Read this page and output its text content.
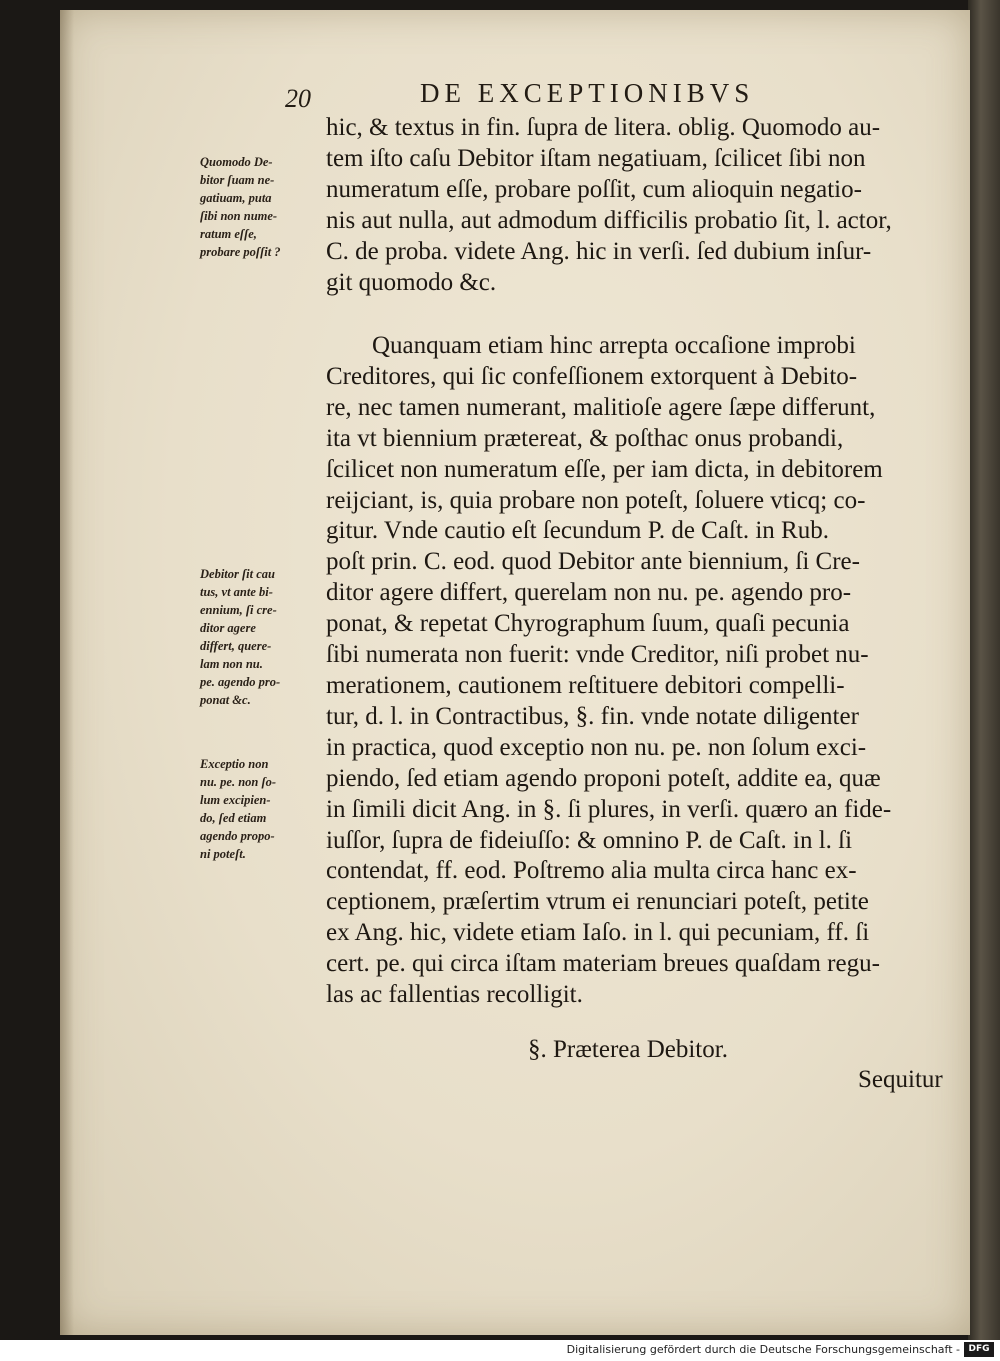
20	DE EXCEPTIONIBVS
Quomodo De-
bitor ſuam ne-
gatiuam, puta
ſibi non nume-
ratum eſſe,
probare poſſit ?
Debitor ſit cau
tus, vt ante bi-
ennium, ſi cre-
ditor agere
differt, quere-
lam non nu.
pe. agendo pro-
ponat &c.
Exceptio non
nu. pe. non ſo-
lum excipien-
do, ſed etiam
agendo propo-
ni poteſt.
hic, & textus in fin. ſupra de litera. oblig. Quomodo au-
tem iſto caſu Debitor iſtam negatiuam, ſcilicet ſibi non
numeratum eſſe, probare poſſit, cum alioquin negatio-
nis aut nulla, aut admodum difficilis probatio ſit, l. actor,
C. de proba. videte Ang. hic in verſi. ſed dubium inſur-
git quomodo &c.
Quanquam etiam hinc arrepta occaſione improbi
Creditores, qui ſic confeſſionem extorquent à Debito-
re, nec tamen numerant, malitioſe agere ſæpe differunt,
ita vt biennium prætereat, & poſthac onus probandi,
ſcilicet non numeratum eſſe, per iam dicta, in debitorem
reijciant, is, quia probare non poteſt, ſoluere vticq; co-
gitur. Vnde cautio eſt ſecundum P. de Caſt. in Rub.
poſt prin. C. eod. quod Debitor ante biennium, ſi Cre-
ditor agere differt, querelam non nu. pe. agendo pro-
ponat, & repetat Chyrographum ſuum, quaſi pecunia
ſibi numerata non fuerit: vnde Creditor, niſi probet nu-
merationem, cautionem reſtituere debitori compelli-
tur, d. l. in Contractibus, §. fin. vnde notate diligenter
in practica, quod exceptio non nu. pe. non ſolum exci-
piendo, ſed etiam agendo proponi poteſt, addite ea, quæ
in ſimili dicit Ang. in §. ſi plures, in verſi. quæro an fide-
iuſſor, ſupra de fideiuſſo: & omnino P. de Caſt. in l. ſi
contendat, ff. eod. Poſtremo alia multa circa hanc ex-
ceptionem, præſertim vtrum ei renunciari poteſt, petite
ex Ang. hic, videte etiam Iaſo. in l. qui pecuniam, ff. ſi
cert. pe. qui circa iſtam materiam breues quaſdam regu-
las ac fallentias recolligit.
§. Præterea Debitor.
Sequitur
Digitalisierung gefördert durch die Deutsche Forschungsgemeinschaft - DFG
